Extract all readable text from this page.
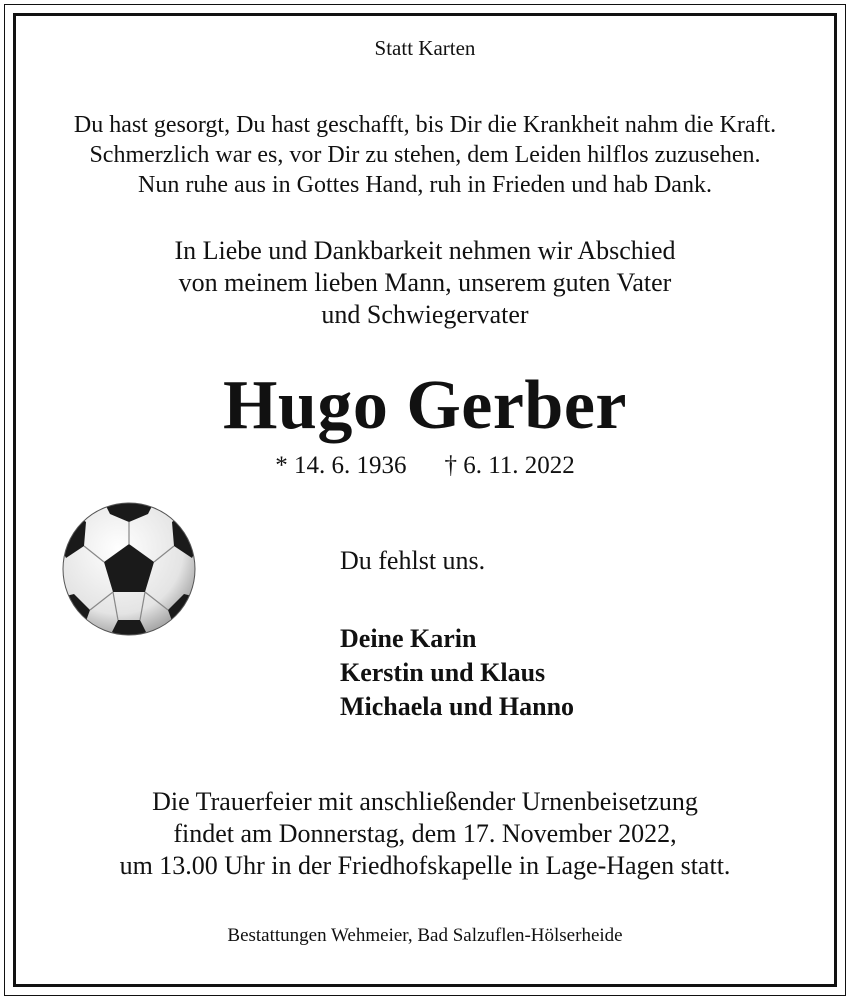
Statt Karten
Du hast gesorgt, Du hast geschafft, bis Dir die Krankheit nahm die Kraft.
Schmerzlich war es, vor Dir zu stehen, dem Leiden hilflos zuzusehen.
Nun ruhe aus in Gottes Hand, ruh in Frieden und hab Dank.
In Liebe und Dankbarkeit nehmen wir Abschied
von meinem lieben Mann, unserem guten Vater
und Schwiegervater
Hugo Gerber
* 14. 6. 1936 † 6. 11. 2022
Du fehlst uns.
Deine Karin
Kerstin und Klaus
Michaela und Hanno
Die Trauerfeier mit anschließender Urnenbeisetzung
findet am Donnerstag, dem 17. November 2022,
um 13.00 Uhr in der Friedhofskapelle in Lage-Hagen statt.
Bestattungen Wehmeier, Bad Salzuflen-Hölserheide
